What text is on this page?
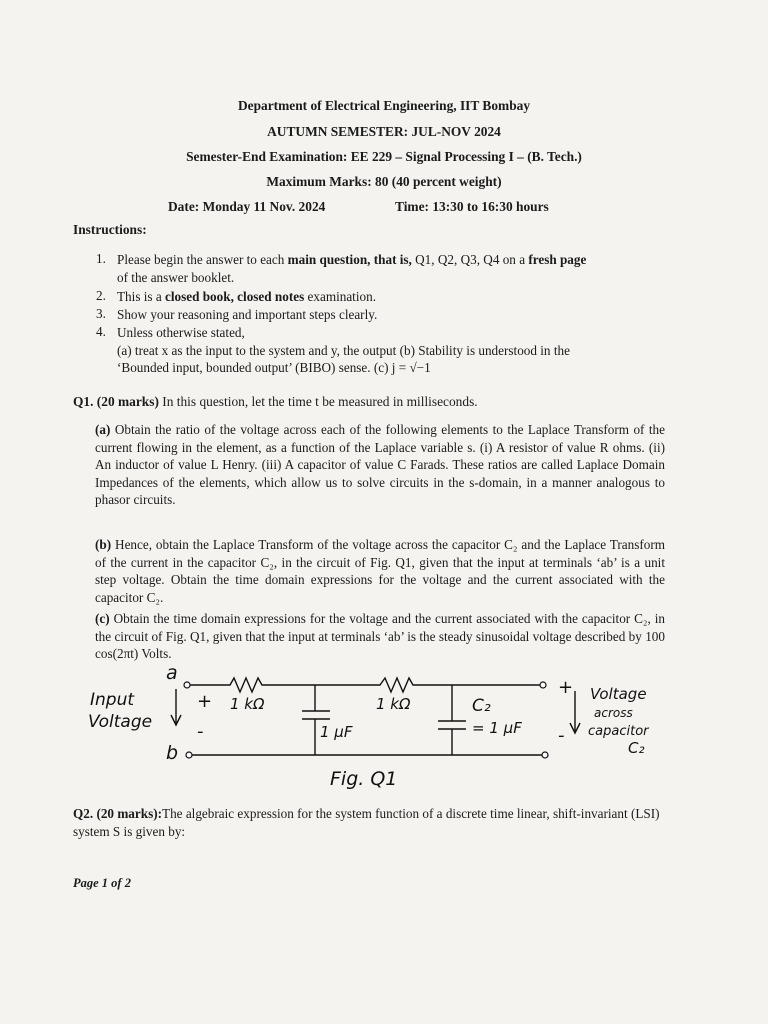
Department of Electrical Engineering, IIT Bombay
AUTUMN SEMESTER: JUL-NOV 2024
Semester-End Examination: EE 229 – Signal Processing I – (B. Tech.)
Maximum Marks: 80 (40 percent weight)
Date: Monday 11 Nov. 2024	Time: 13:30 to 16:30 hours
Instructions:
1. Please begin the answer to each main question, that is, Q1, Q2, Q3, Q4 on a fresh page
of the answer booklet.
2. This is a closed book, closed notes examination.
3. Show your reasoning and important steps clearly.
4. Unless otherwise stated,
(a) treat x as the input to the system and y, the output (b) Stability is understood in the
‘Bounded input, bounded output’ (BIBO) sense. (c) j = √−1
Q1. (20 marks) In this question, let the time t be measured in milliseconds.
(a) Obtain the ratio of the voltage across each of the following elements to the Laplace Transform of the current flowing in the element, as a function of the Laplace variable s. (i) A resistor of value R ohms. (ii) An inductor of value L Henry. (iii) A capacitor of value C Farads. These ratios are called Laplace Domain Impedances of the elements, which allow us to solve circuits in the s-domain, in a manner analogous to phasor circuits.
(b) Hence, obtain the Laplace Transform of the voltage across the capacitor C₂ and the Laplace Transform of the current in the capacitor C₂, in the circuit of Fig. Q1, given that the input at terminals ‘ab’ is a unit step voltage. Obtain the time domain expressions for the voltage and the current associated with the capacitor C₂.
(c) Obtain the time domain expressions for the voltage and the current associated with the capacitor C₂, in the circuit of Fig. Q1, given that the input at terminals ‘ab’ is the steady sinusoidal voltage described by 100 cos(2πt) Volts.
a
b
Input
Voltage
+
-
1 kΩ	1 kΩ
1 μF
C₂
= 1 μF
+
-
Voltage
across
capacitor
C₂
Fig. Q1
Q2. (20 marks):The algebraic expression for the system function of a discrete time linear, shift-invariant (LSI) system S is given by:
Page 1 of 2
